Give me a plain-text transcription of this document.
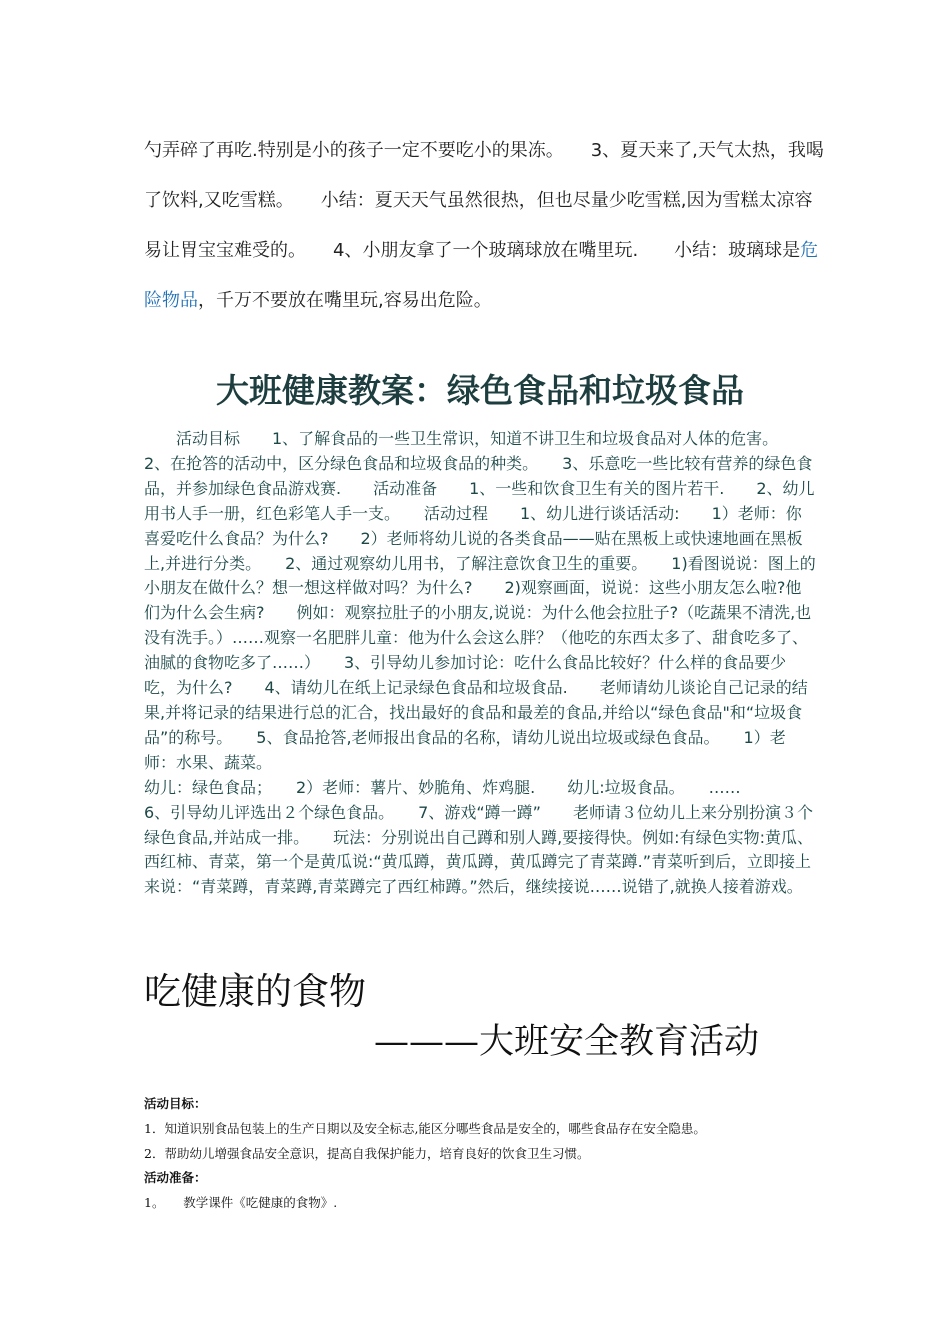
勺弄碎了再吃.特别是小的孩子一定不要吃小的果冻。　　3、夏天来了,天气太热，我喝了饮料,又吃雪糕。　　小结：夏天天气虽然很热，但也尽量少吃雪糕,因为雪糕太凉容易让胃宝宝难受的。　　4、小朋友拿了一个玻璃球放在嘴里玩.　　小结：玻璃球是危险物品，千万不要放在嘴里玩,容易出危险。

大班健康教案：绿色食品和垃圾食品

　　活动目标　　1、了解食品的一些卫生常识，知道不讲卫生和垃圾食品对人体的危害。　　2、在抢答的活动中，区分绿色食品和垃圾食品的种类。　　3、乐意吃一些比较有营养的绿色食品，并参加绿色食品游戏赛.　　活动准备　　1、一些和饮食卫生有关的图片若干.　　2、幼儿用书人手一册，红色彩笔人手一支。　　活动过程　　1、幼儿进行谈话活动:　　1）老师：你喜爱吃什么食品？为什么?　　2）老师将幼儿说的各类食品——贴在黑板上或快速地画在黑板上,并进行分类。　　2、通过观察幼儿用书，了解注意饮食卫生的重要。　　1)看图说说：图上的小朋友在做什么？想一想这样做对吗？为什么?　　2)观察画面，说说：这些小朋友怎么啦?他们为什么会生病?　　例如：观察拉肚子的小朋友,说说：为什么他会拉肚子?（吃蔬果不清洗,也没有洗手。）……观察一名肥胖儿童：他为什么会这么胖？（他吃的东西太多了、甜食吃多了、油腻的食物吃多了……）　　3、引导幼儿参加讨论：吃什么食品比较好？什么样的食品要少吃，为什么?　　4、请幼儿在纸上记录绿色食品和垃圾食品.　　老师请幼儿谈论自己记录的结果,并将记录的结果进行总的汇合，找出最好的食品和最差的食品,并给以“绿色食品"和“垃圾食品”的称号。　　5、食品抢答,老师报出食品的名称，请幼儿说出垃圾或绿色食品。　　1）老师：水果、蔬菜。
幼儿：绿色食品；　　2）老师：薯片、妙脆角、炸鸡腿.　　幼儿:垃圾食品。　　……
6、引导幼儿评选出２个绿色食品。　　7、游戏“蹲一蹲”　　老师请３位幼儿上来分别扮演３个绿色食品,并站成一排。　　玩法：分别说出自己蹲和别人蹲,要接得快。例如:有绿色实物:黄瓜、西红柿、青菜，第一个是黄瓜说:“黄瓜蹲，黄瓜蹲，黄瓜蹲完了青菜蹲.”青菜听到后，立即接上来说：“青菜蹲，青菜蹲,青菜蹲完了西红柿蹲。”然后，继续接说……说错了,就换人接着游戏。

吃健康的食物

———大班安全教育活动

活动目标：

1．知道识别食品包装上的生产日期以及安全标志,能区分哪些食品是安全的，哪些食品存在安全隐患。

2．帮助幼儿增强食品安全意识，提高自我保护能力，培育良好的饮食卫生习惯。

活动准备：

1。　　教学课件《吃健康的食物》.
